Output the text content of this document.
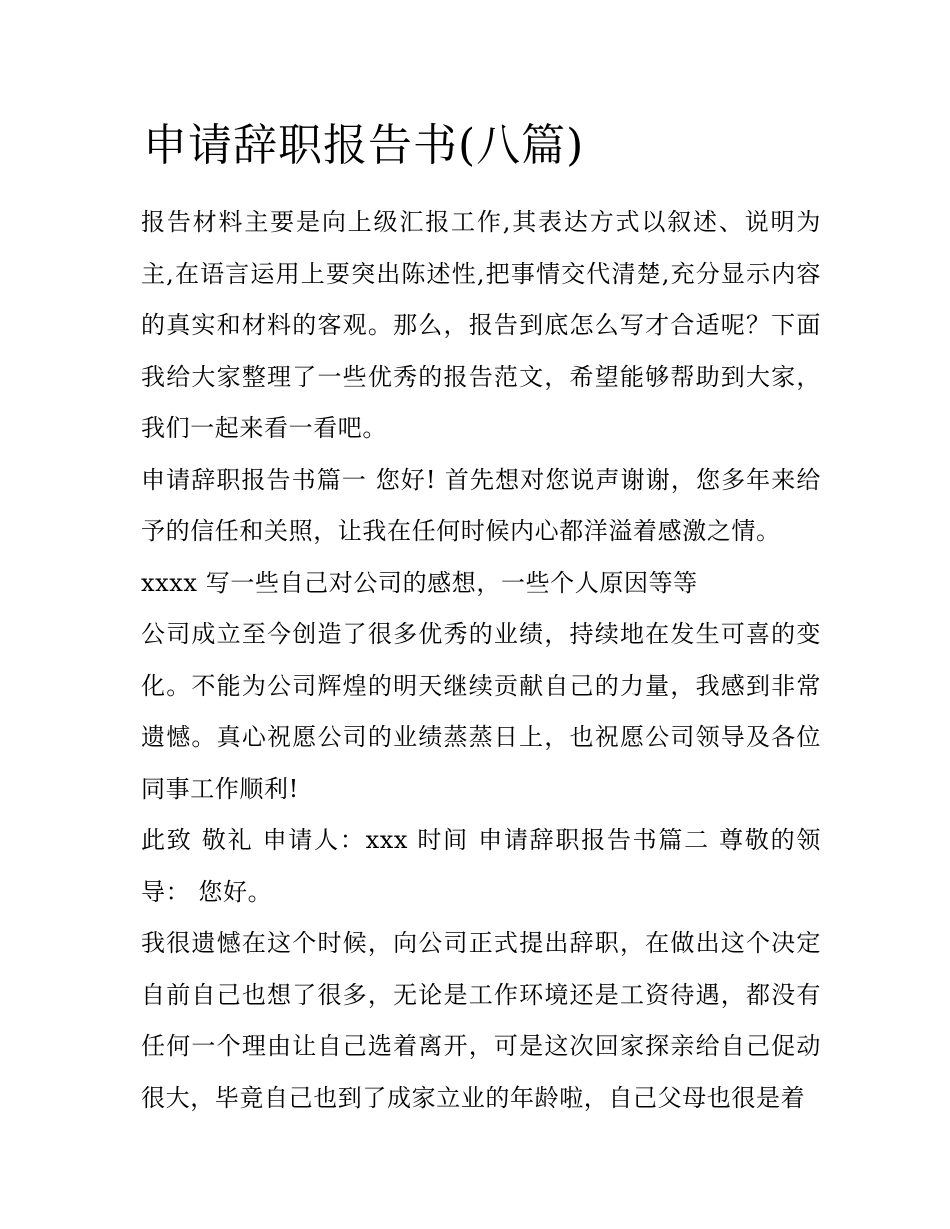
申请辞职报告书(八篇)

报告材料主要是向上级汇报工作,其表达方式以叙述、说明为主,在语言运用上要突出陈述性,把事情交代清楚,充分显示内容的真实和材料的客观。那么，报告到底怎么写才合适呢？下面我给大家整理了一些优秀的报告范文，希望能够帮助到大家，我们一起来看一看吧。

申请辞职报告书篇一 您好! 首先想对您说声谢谢，您多年来给予的信任和关照，让我在任何时候内心都洋溢着感激之情。

xxxx 写一些自己对公司的感想，一些个人原因等等

公司成立至今创造了很多优秀的业绩，持续地在发生可喜的变化。不能为公司辉煌的明天继续贡献自己的力量，我感到非常遗憾。真心祝愿公司的业绩蒸蒸日上，也祝愿公司领导及各位同事工作顺利!

此致 敬礼 申请人：xxx 时间 申请辞职报告书篇二 尊敬的领导： 您好。

我很遗憾在这个时候，向公司正式提出辞职，在做出这个决定自前自己也想了很多，无论是工作环境还是工资待遇，都没有任何一个理由让自己选着离开，可是这次回家探亲给自己促动很大，毕竟自己也到了成家立业的年龄啦，自己父母也很是着
